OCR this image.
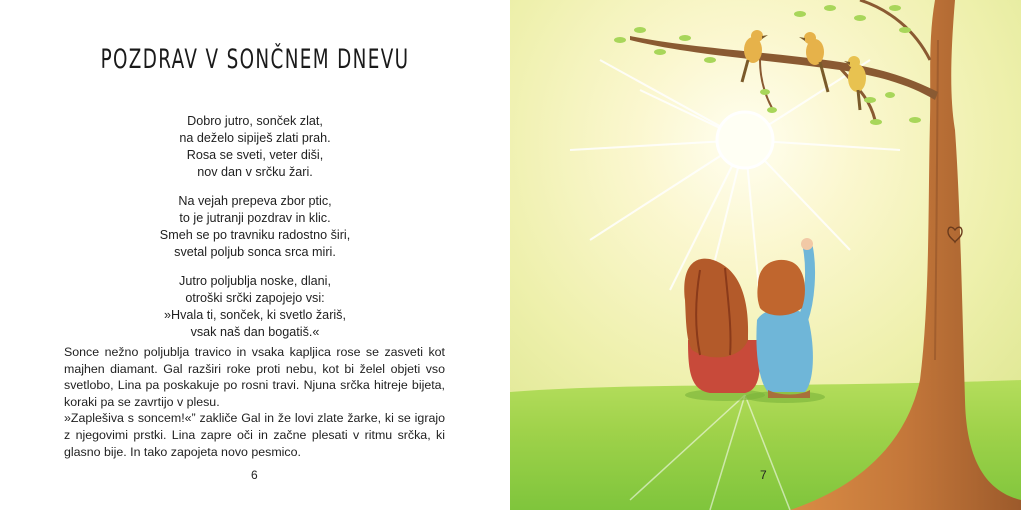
POZDRAV V SONČNEM DNEVU
Dobro jutro, sonček zlat,
na deželo sipiješ zlati prah.
Rosa se sveti, veter diši,
nov dan v srčku žari.
Na vejah prepeva zbor ptic,
to je jutranji pozdrav in klic.
Smeh se po travniku radostno širi,
svetal poljub sonca srca miri.
Jutro poljublja noske, dlani,
otroški srčki zapojejo vsi:
»Hvala ti, sonček, ki svetlo žariš,
vsak naš dan bogatiš.«

Sonce nežno poljublja travico in vsaka kapljica rose se zasveti kot majhen diamant. Gal razširi roke proti nebu, kot bi želel objeti vso svetlobo, Lina pa poskakuje po rosni travi. Njuna srčka hitreje bijeta, koraki pa se zavrtijo v plesu.

»Zaplešiva s soncem!«” zakliče Gal in že lovi zlate žarke, ki se igrajo z njegovimi prstki. Lina zapre oči in začne plesati v ritmu srčka, ki glasno bije. In tako zapojeta novo pesmico.

6	7
